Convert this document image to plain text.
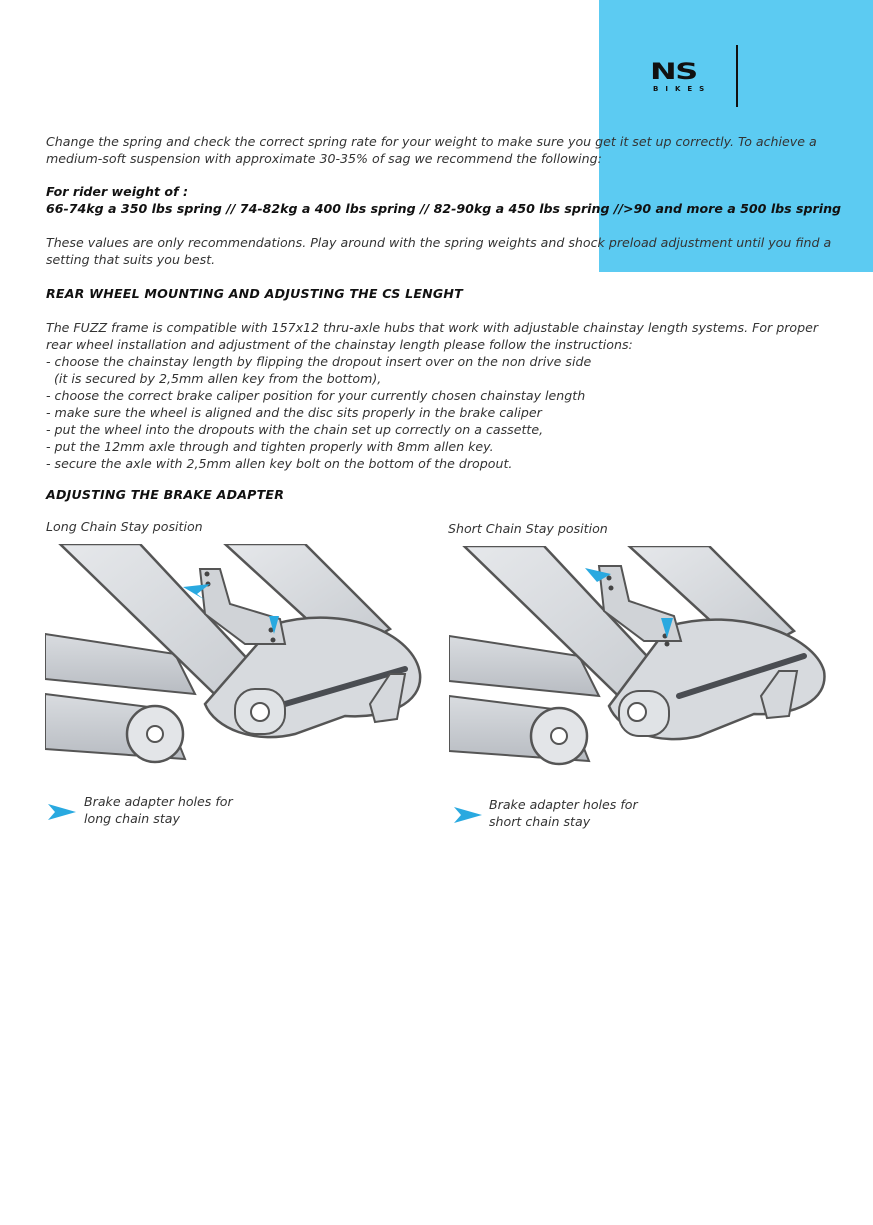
NS
BIKES
Change the spring and check the correct spring rate for your weight to make sure you get it set up correctly. To achieve a
medium-soft suspension with approximate 30-35% of sag we recommend the following:
For rider weight of :
66-74kg a 350 lbs spring // 74-82kg a 400 lbs spring // 82-90kg a 450 lbs spring //>90 and more a 500 lbs spring
These values are only recommendations. Play around with the spring weights and shock preload adjustment until you find a
setting that suits you best.
REAR WHEEL MOUNTING AND ADJUSTING THE CS LENGHT
The FUZZ frame is compatible with 157x12 thru-axle hubs that work with adjustable chainstay length systems. For proper
rear wheel installation and adjustment of the chainstay length please follow the instructions:
- choose the chainstay length by flipping the dropout insert over on the non drive side
(it is secured by 2,5mm allen key from the bottom),
- choose the correct brake caliper position for your currently chosen chainstay length
- make sure the wheel is aligned and the disc sits properly in the brake caliper
- put the wheel into the dropouts with the chain set up correctly on a cassette,
- put the 12mm axle through and tighten properly with 8mm allen key.
- secure the axle with 2,5mm allen key bolt on the bottom of the dropout.
ADJUSTING THE BRAKE ADAPTER
Long Chain Stay position	Short Chain Stay position
Brake adapter holes for
long chain stay
Brake adapter holes for
short chain stay
